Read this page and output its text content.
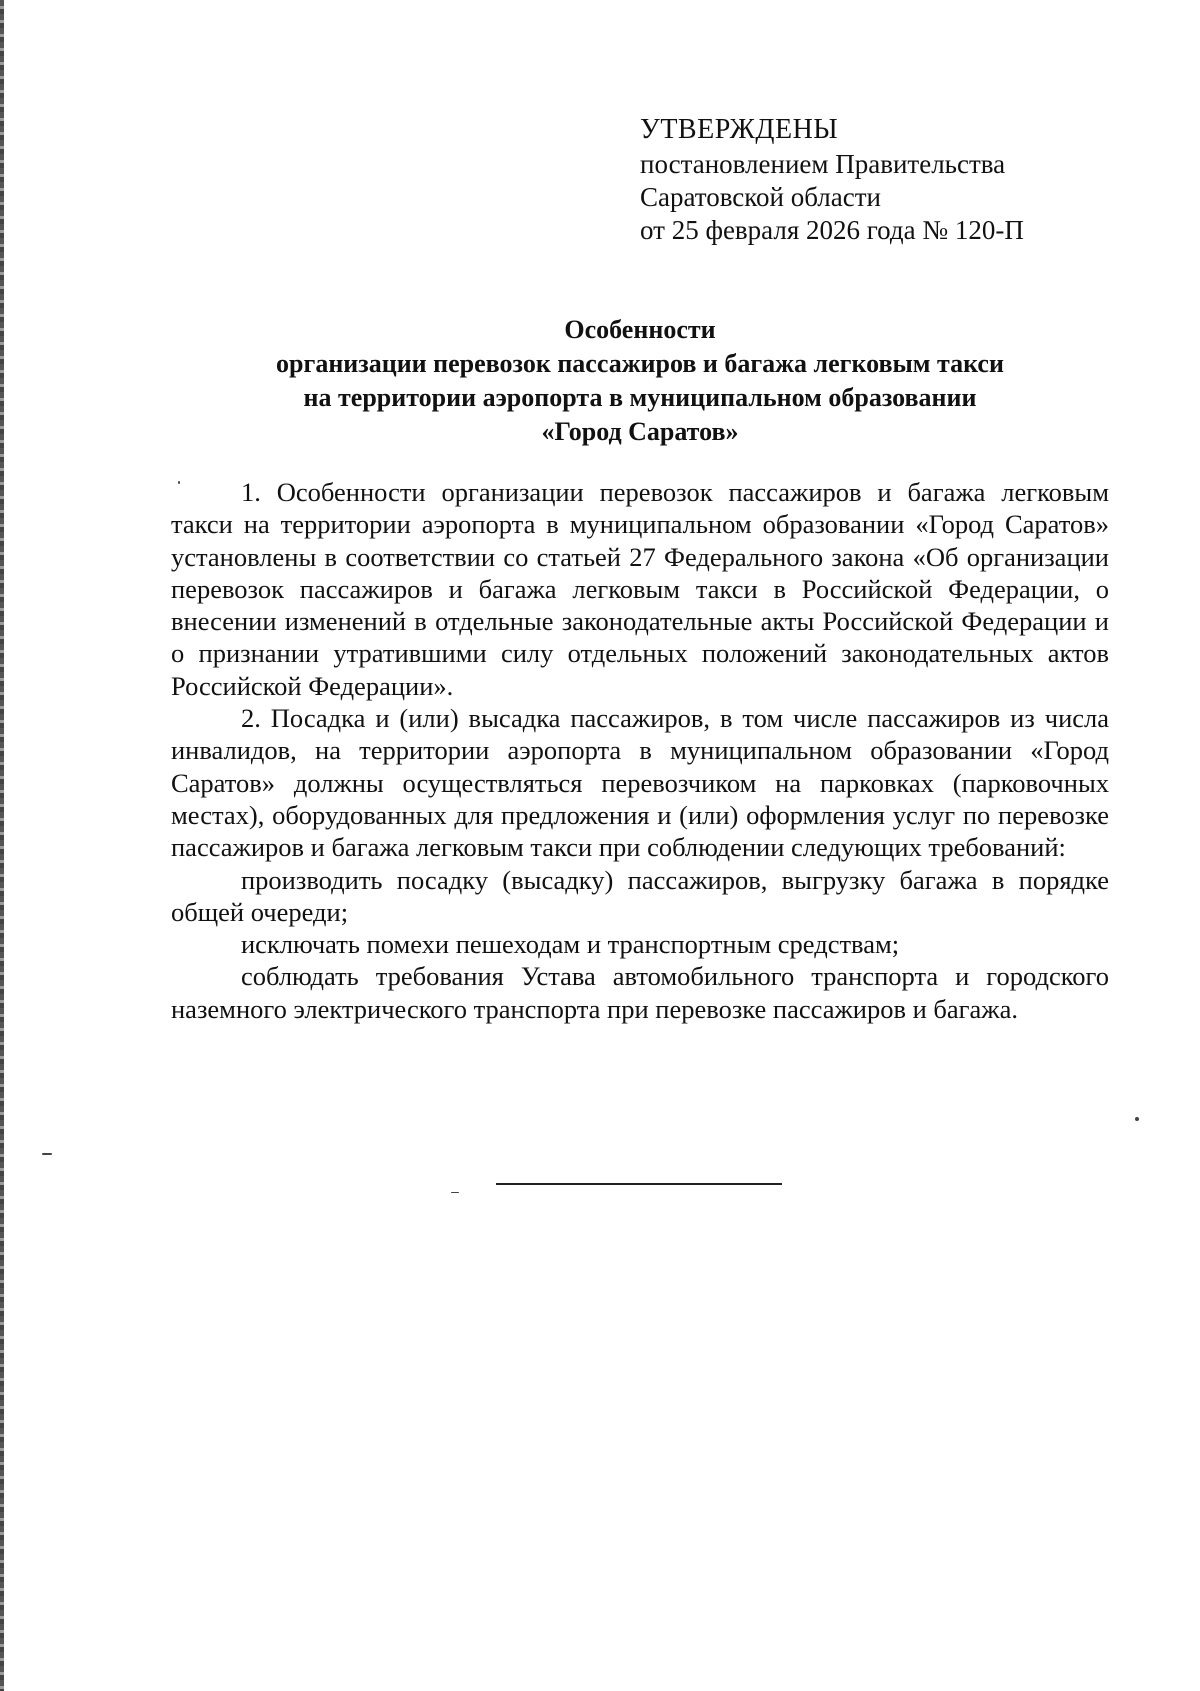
УТВЕРЖДЕНЫ
постановлением Правительства
Саратовской области
от 25 февраля 2026 года № 120-П
Особенности
организации перевозок пассажиров и багажа легковым такси
на территории аэропорта в муниципальном образовании
«Город Саратов»

1. Особенности организации перевозок пассажиров и багажа легковым такси на территории аэропорта в муниципальном образовании «Город Саратов» установлены в соответствии со статьей 27 Федерального закона «Об организации перевозок пассажиров и багажа легковым такси в Российской Федерации, о внесении изменений в отдельные законодательные акты Российской Федерации и о признании утратившими силу отдельных положений законодательных актов Российской Федерации».

2. Посадка и (или) высадка пассажиров, в том числе пассажиров из числа инвалидов, на территории аэропорта в муниципальном образовании «Город Саратов» должны осуществляться перевозчиком на парковках (парковочных местах), оборудованных для предложения и (или) оформления услуг по перевозке пассажиров и багажа легковым такси при соблюдении следующих требований:

производить посадку (высадку) пассажиров, выгрузку багажа в порядке общей очереди;

исключать помехи пешеходам и транспортным средствам;

соблюдать требования Устава автомобильного транспорта и городского наземного электрического транспорта при перевозке пассажиров и багажа.
